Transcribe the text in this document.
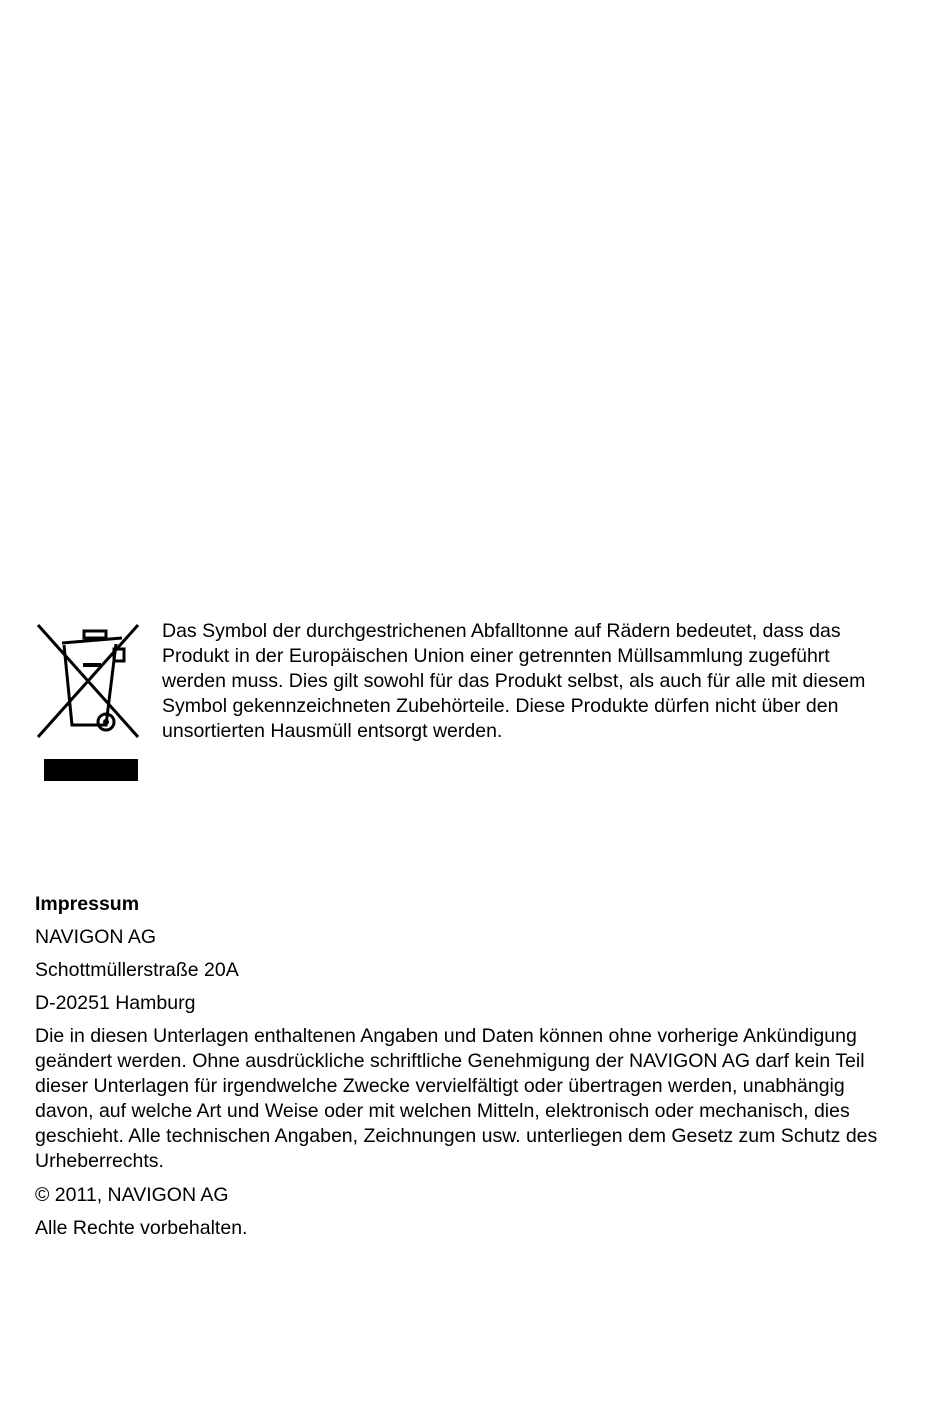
Das Symbol der durchgestrichenen Abfalltonne auf Rädern bedeutet, dass das Produkt in der Europäischen Union einer getrennten Müllsammlung zugeführt werden muss. Dies gilt sowohl für das Produkt selbst, als auch für alle mit diesem Symbol gekennzeichneten Zubehörteile. Diese Produkte dürfen nicht über den unsortierten Hausmüll entsorgt werden.

Impressum

NAVIGON AG

Schottmüllerstraße 20A

D-20251 Hamburg

Die in diesen Unterlagen enthaltenen Angaben und Daten können ohne vorherige Ankündigung geändert werden. Ohne ausdrückliche schriftliche Genehmigung der NAVIGON AG darf kein Teil dieser Unterlagen für irgendwelche Zwecke vervielfältigt oder übertragen werden, unabhängig davon, auf welche Art und Weise oder mit welchen Mitteln, elektronisch oder mechanisch, dies geschieht. Alle technischen Angaben, Zeichnungen usw. unterliegen dem Gesetz zum Schutz des Urheberrechts.

© 2011, NAVIGON AG

Alle Rechte vorbehalten.
